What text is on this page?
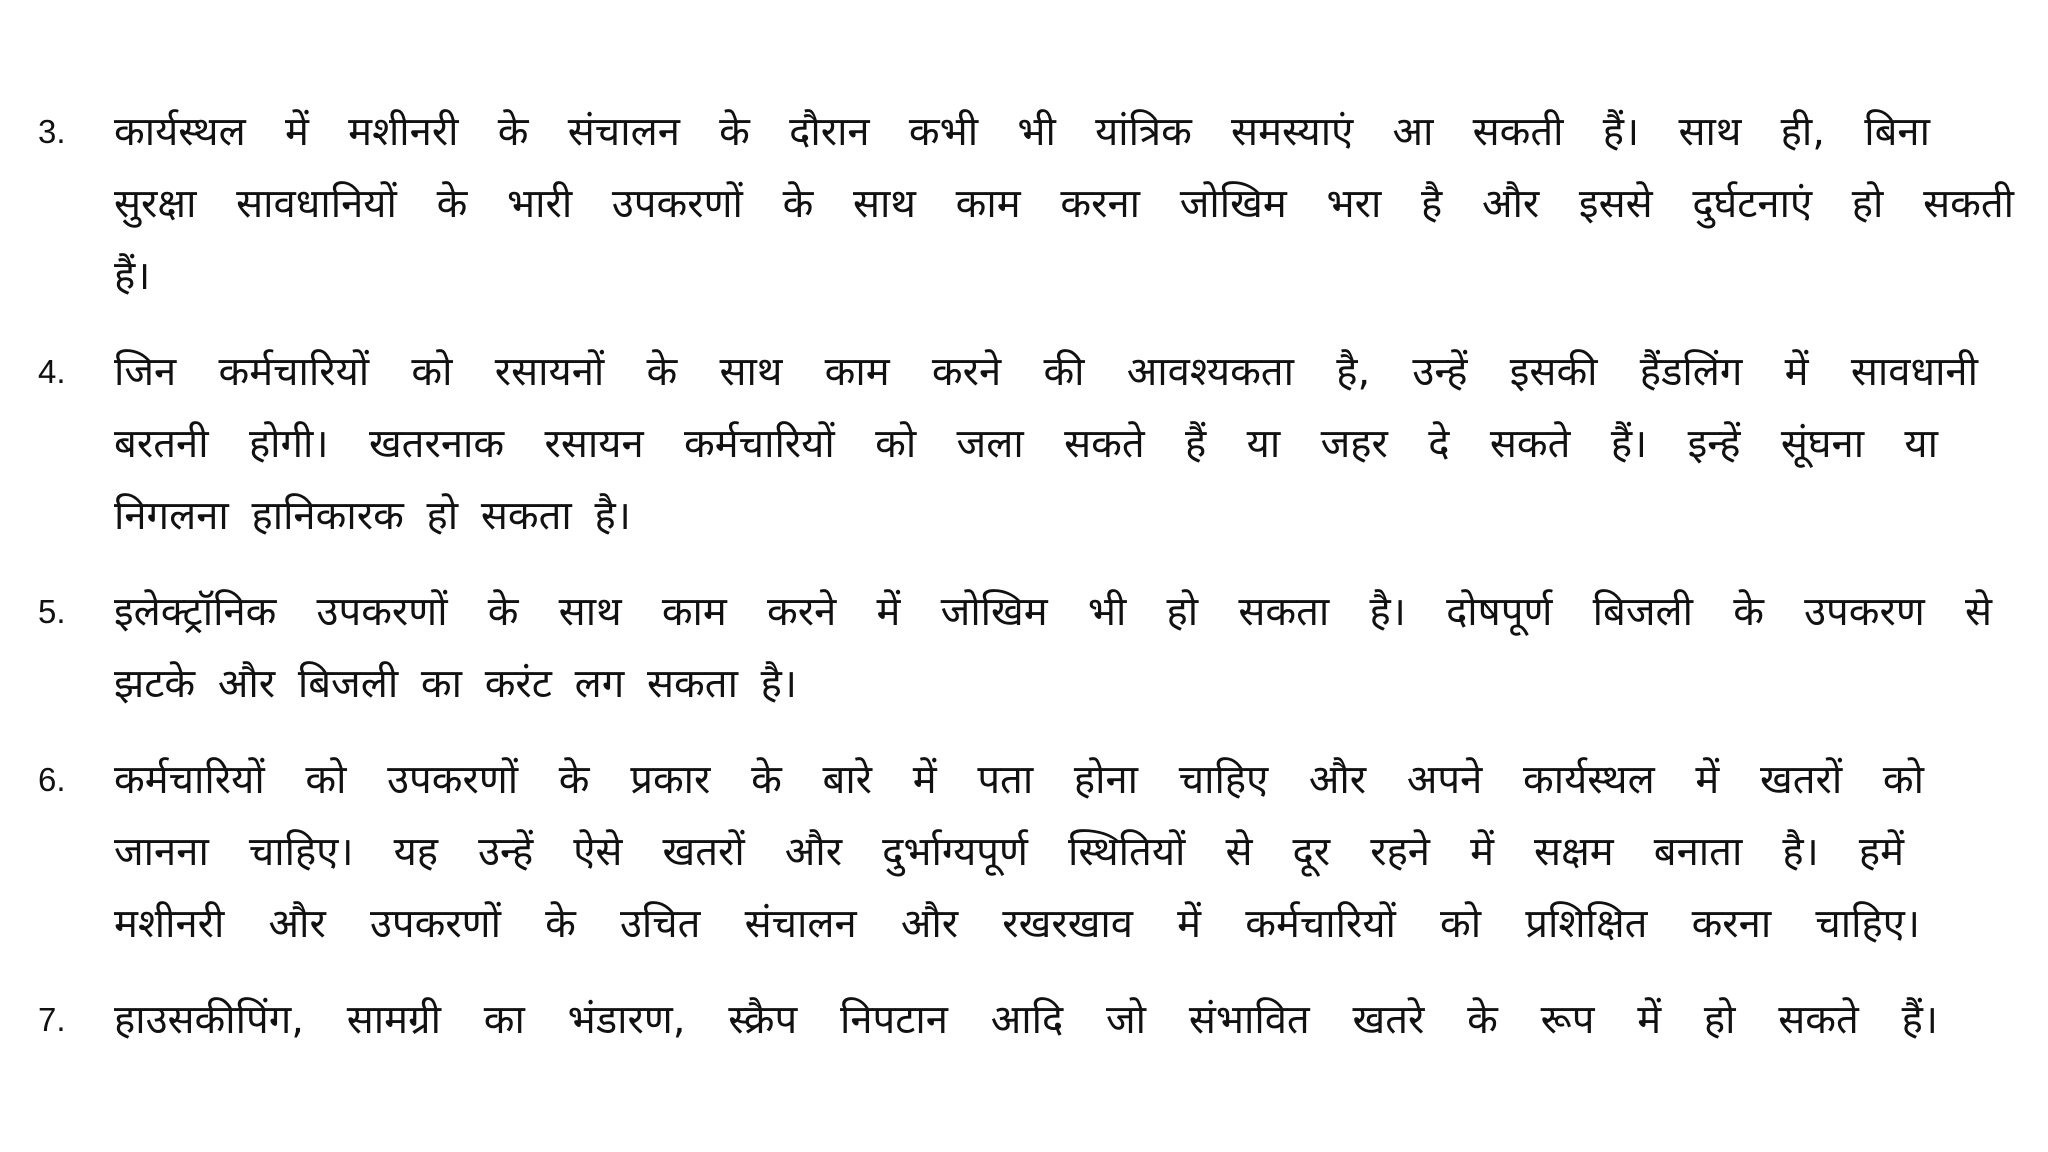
3.	कार्यस्थल में मशीनरी के संचालन के दौरान कभी भी यांत्रिक समस्याएं आ सकती हैं। साथ ही, बिना
सुरक्षा सावधानियों के भारी उपकरणों के साथ काम करना जोखिम भरा है और इससे दुर्घटनाएं हो सकती
हैं।
4.	जिन कर्मचारियों को रसायनों के साथ काम करने की आवश्यकता है, उन्हें इसकी हैंडलिंग में सावधानी
बरतनी होगी। खतरनाक रसायन कर्मचारियों को जला सकते हैं या जहर दे सकते हैं। इन्हें सूंघना या
निगलना हानिकारक हो सकता है।
5.	इलेक्ट्रॉनिक उपकरणों के साथ काम करने में जोखिम भी हो सकता है। दोषपूर्ण बिजली के उपकरण से
झटके और बिजली का करंट लग सकता है।
6.	कर्मचारियों को उपकरणों के प्रकार के बारे में पता होना चाहिए और अपने कार्यस्थल में खतरों को
जानना चाहिए। यह उन्हें ऐसे खतरों और दुर्भाग्यपूर्ण स्थितियों से दूर रहने में सक्षम बनाता है। हमें
मशीनरी और उपकरणों के उचित संचालन और रखरखाव में कर्मचारियों को प्रशिक्षित करना चाहिए।
7.	हाउसकीपिंग, सामग्री का भंडारण, स्क्रैप निपटान आदि जो संभावित खतरे के रूप में हो सकते हैं।
